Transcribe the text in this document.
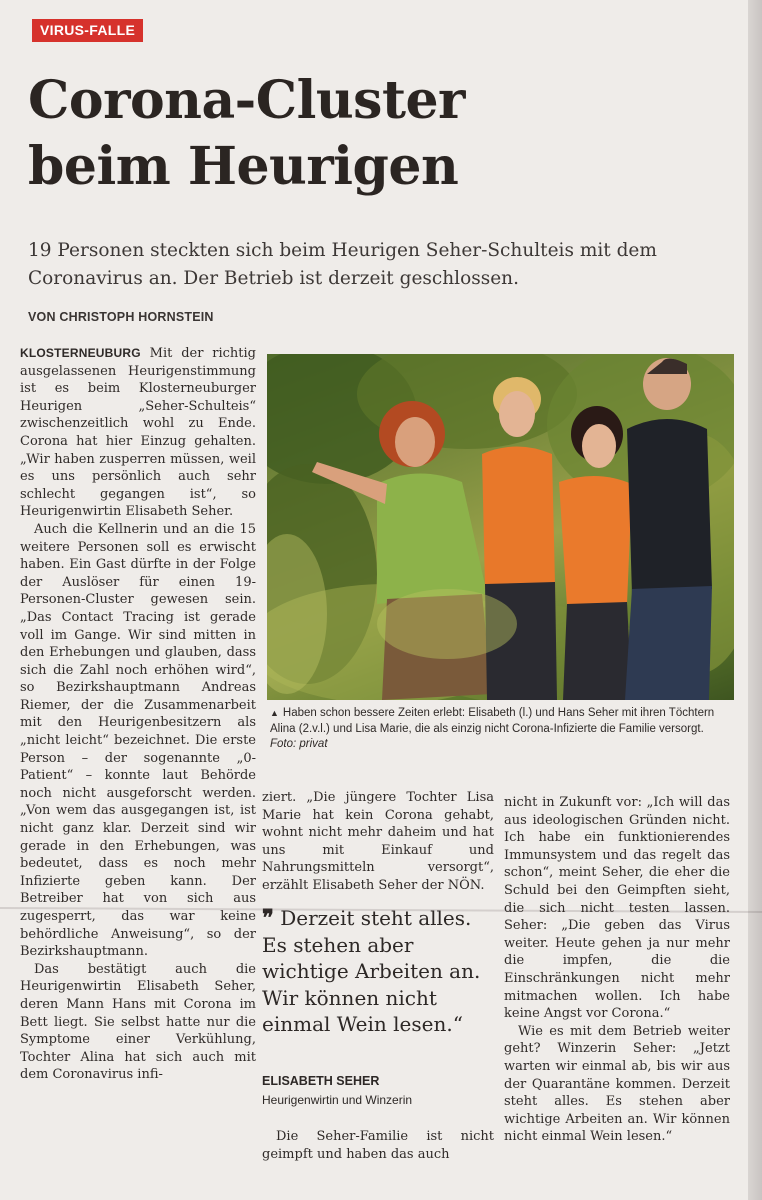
VIRUS-FALLE
Corona-Cluster
beim Heurigen

19 Personen steckten sich beim Heurigen Seher-Schulteis mit dem Coronavirus an. Der Betrieb ist derzeit geschlossen.

VON CHRISTOPH HORNSTEIN

KLOSTERNEUBURG Mit der richtig ausgelassenen Heurigenstimmung ist es beim Klosterneuburger Heurigen „Seher-Schulteis“ zwischenzeitlich wohl zu Ende. Corona hat hier Einzug gehalten. „Wir haben zusperren müssen, weil es uns persönlich auch sehr schlecht gegangen ist“, so Heurigenwirtin Elisabeth Seher.

Auch die Kellnerin und an die 15 weitere Personen soll es erwischt haben. Ein Gast dürfte in der Folge der Auslöser für einen 19-Personen-Cluster gewesen sein. „Das Contact Tracing ist gerade voll im Gange. Wir sind mitten in den Erhebungen und glauben, dass sich die Zahl noch erhöhen wird“, so Bezirkshauptmann Andreas Riemer, der die Zusammenarbeit mit den Heurigenbesitzern als „nicht leicht“ bezeichnet. Die erste Person – der sogenannte „0-Patient“ – konnte laut Behörde noch nicht ausgeforscht werden. „Von wem das ausgegangen ist, ist nicht ganz klar. Derzeit sind wir gerade in den Erhebungen, was bedeutet, dass es noch mehr Infizierte geben kann. Der Betreiber hat von sich aus zugesperrt, das war keine behördliche Anweisung“, so der Bezirkshauptmann.

Das bestätigt auch die Heurigenwirtin Elisabeth Seher, deren Mann Hans mit Corona im Bett liegt. Sie selbst hatte nur die Symptome einer Verkühlung, Tochter Alina hat sich auch mit dem Coronavirus infi-

▲ Haben schon bessere Zeiten erlebt: Elisabeth (l.) und Hans Seher mit ihren Töchtern Alina (2.v.l.) und Lisa Marie, die als einzig nicht Corona-Infizierte die Familie versorgt. Foto: privat

ziert. „Die jüngere Tochter Lisa Marie hat kein Corona gehabt, wohnt nicht mehr daheim und hat uns mit Einkauf und Nahrungsmitteln versorgt“, erzählt Elisabeth Seher der NÖN.

❞ Derzeit steht alles. Es stehen aber wichtige Arbeiten an. Wir können nicht einmal Wein lesen.“
ELISABETH SEHER
Heurigenwirtin und Winzerin

Die Seher-Familie ist nicht geimpft und haben das auch

nicht in Zukunft vor: „Ich will das aus ideologischen Gründen nicht. Ich habe ein funktionierendes Immunsystem und das regelt das schon“, meint Seher, die eher die Schuld bei den Geimpften sieht, die sich nicht testen lassen. Seher: „Die geben das Virus weiter. Heute gehen ja nur mehr die impfen, die die Einschränkungen nicht mehr mitmachen wollen. Ich habe keine Angst vor Corona.“

Wie es mit dem Betrieb weiter geht? Winzerin Seher: „Jetzt warten wir einmal ab, bis wir aus der Quarantäne kommen. Derzeit steht alles. Es stehen aber wichtige Arbeiten an. Wir können nicht einmal Wein lesen.“
